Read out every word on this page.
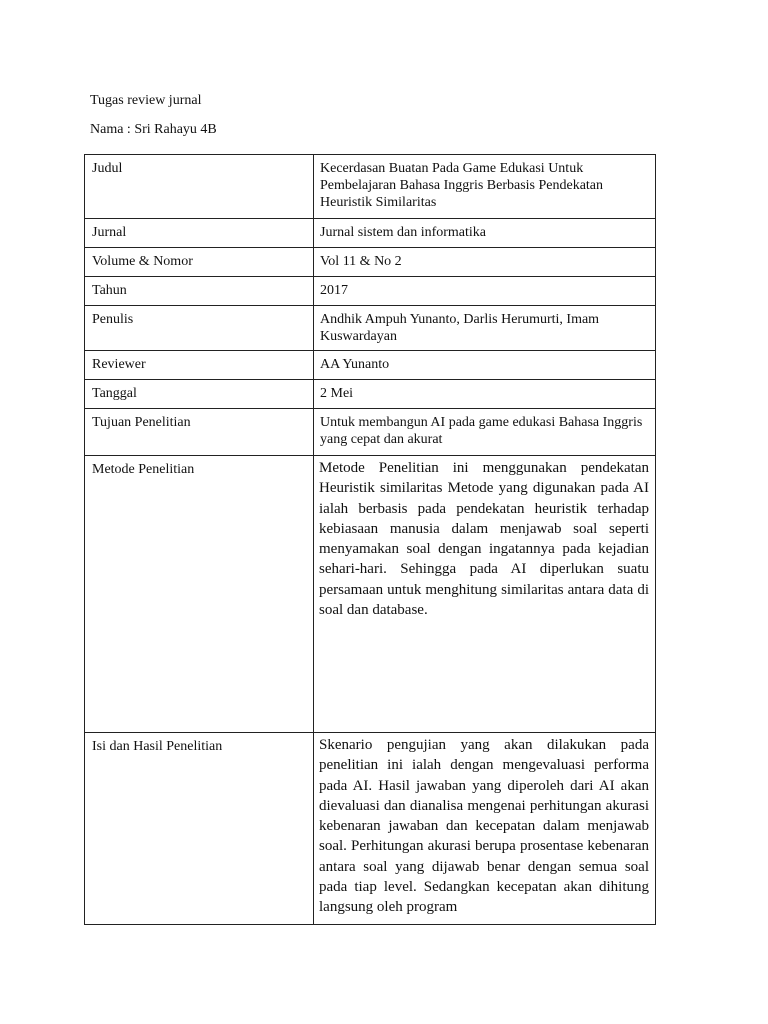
Tugas review jurnal
Nama : Sri Rahayu 4B
Judul	Kecerdasan Buatan Pada Game Edukasi Untuk Pembelajaran Bahasa Inggris Berbasis Pendekatan Heuristik Similaritas

Jurnal	Jurnal sistem dan informatika

Volume & Nomor	Vol 11 & No 2

Tahun	2017

Penulis	Andhik Ampuh Yunanto, Darlis Herumurti, Imam Kuswardayan

Reviewer	AA Yunanto

Tanggal	2 Mei

Tujuan Penelitian	Untuk membangun AI pada game edukasi Bahasa Inggris yang cepat dan akurat

Metode Penelitian	Metode Penelitian ini menggunakan pendekatan Heuristik similaritas Metode yang digunakan pada AI ialah berbasis pada pendekatan heuristik terhadap kebiasaan manusia dalam menjawab soal seperti menyamakan soal dengan ingatannya pada kejadian sehari-hari. Sehingga pada AI diperlukan suatu persamaan untuk menghitung similaritas antara data di soal dan database.

Isi dan Hasil Penelitian	Skenario pengujian yang akan dilakukan pada penelitian ini ialah dengan mengevaluasi performa pada AI. Hasil jawaban yang diperoleh dari AI akan dievaluasi dan dianalisa mengenai perhitungan akurasi kebenaran jawaban dan kecepatan dalam menjawab soal. Perhitungan akurasi berupa prosentase kebenaran antara soal yang dijawab benar dengan semua soal pada tiap level. Sedangkan kecepatan akan dihitung langsung oleh program
